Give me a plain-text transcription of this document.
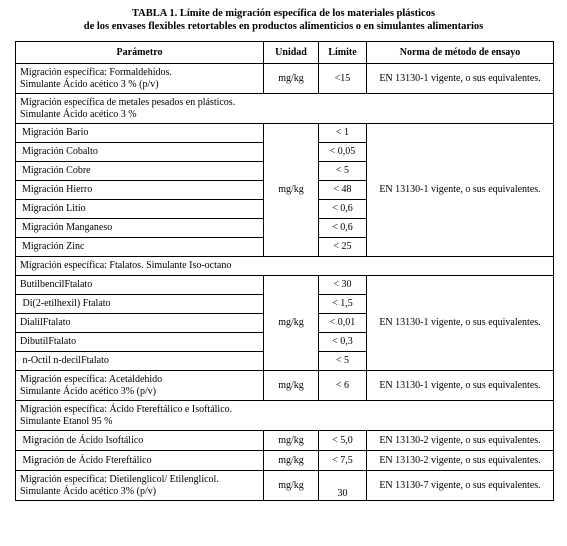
TABLA 1. Límite de migración específica de los materiales plásticos
de los envases flexibles retortables en productos alimenticios o en simulantes alimentarios
Parámetro	Unidad	Límite	Norma de método de ensayo

Migración específica: Formaldehidos.
Simulante Ácido acético 3 % (p/v)	mg/kg	<15	EN 13130-1 vigente, o sus equivalentes.

Migración específica de metales pesados en plásticos.
Simulante Ácido acético 3 %			

Migración Bario	mg/kg	< 1	EN 13130-1 vigente, o sus equivalentes.
Migración Cobalto		< 0,05	
Migración Cobre		< 5	
Migración Hierro		< 48	
Migración Litio		< 0,6	
Migración Manganeso		< 0,6	
Migración Zinc		< 25	
Migración específica: Ftalatos. Simulante Iso-octano			
ButilbencilFtalato	mg/kg	< 30	EN 13130-1 vigente, o sus equivalentes.
Di(2-etilhexil) Ftalato		< 1,5	
DialilFtalato		< 0,01	
DibutilFtalato		< 0,3	
n-Octil n-decilFtalato		< 5	

Migración específica: Acetaldehido
Simulante Ácido acético 3% (p/v)	mg/kg	< 6	EN 13130-1 vigente, o sus equivalentes.

Migración específica: Ácido Ftereftálico e Isoftálico.
Simulante Etanol 95 %			

Migración de Ácido Isoftálico	mg/kg	< 5,0	EN 13130-2 vigente, o sus equivalentes.
Migración de Ácido Ftereftálico	mg/kg	< 7,5	EN 13130-2 vigente, o sus equivalentes.

Migración específica: Dietilenglicol/ Etilenglicol.
Simulante Ácido acético 3% (p/v)	mg/kg	30	EN 13130-7 vigente, o sus equivalentes.
